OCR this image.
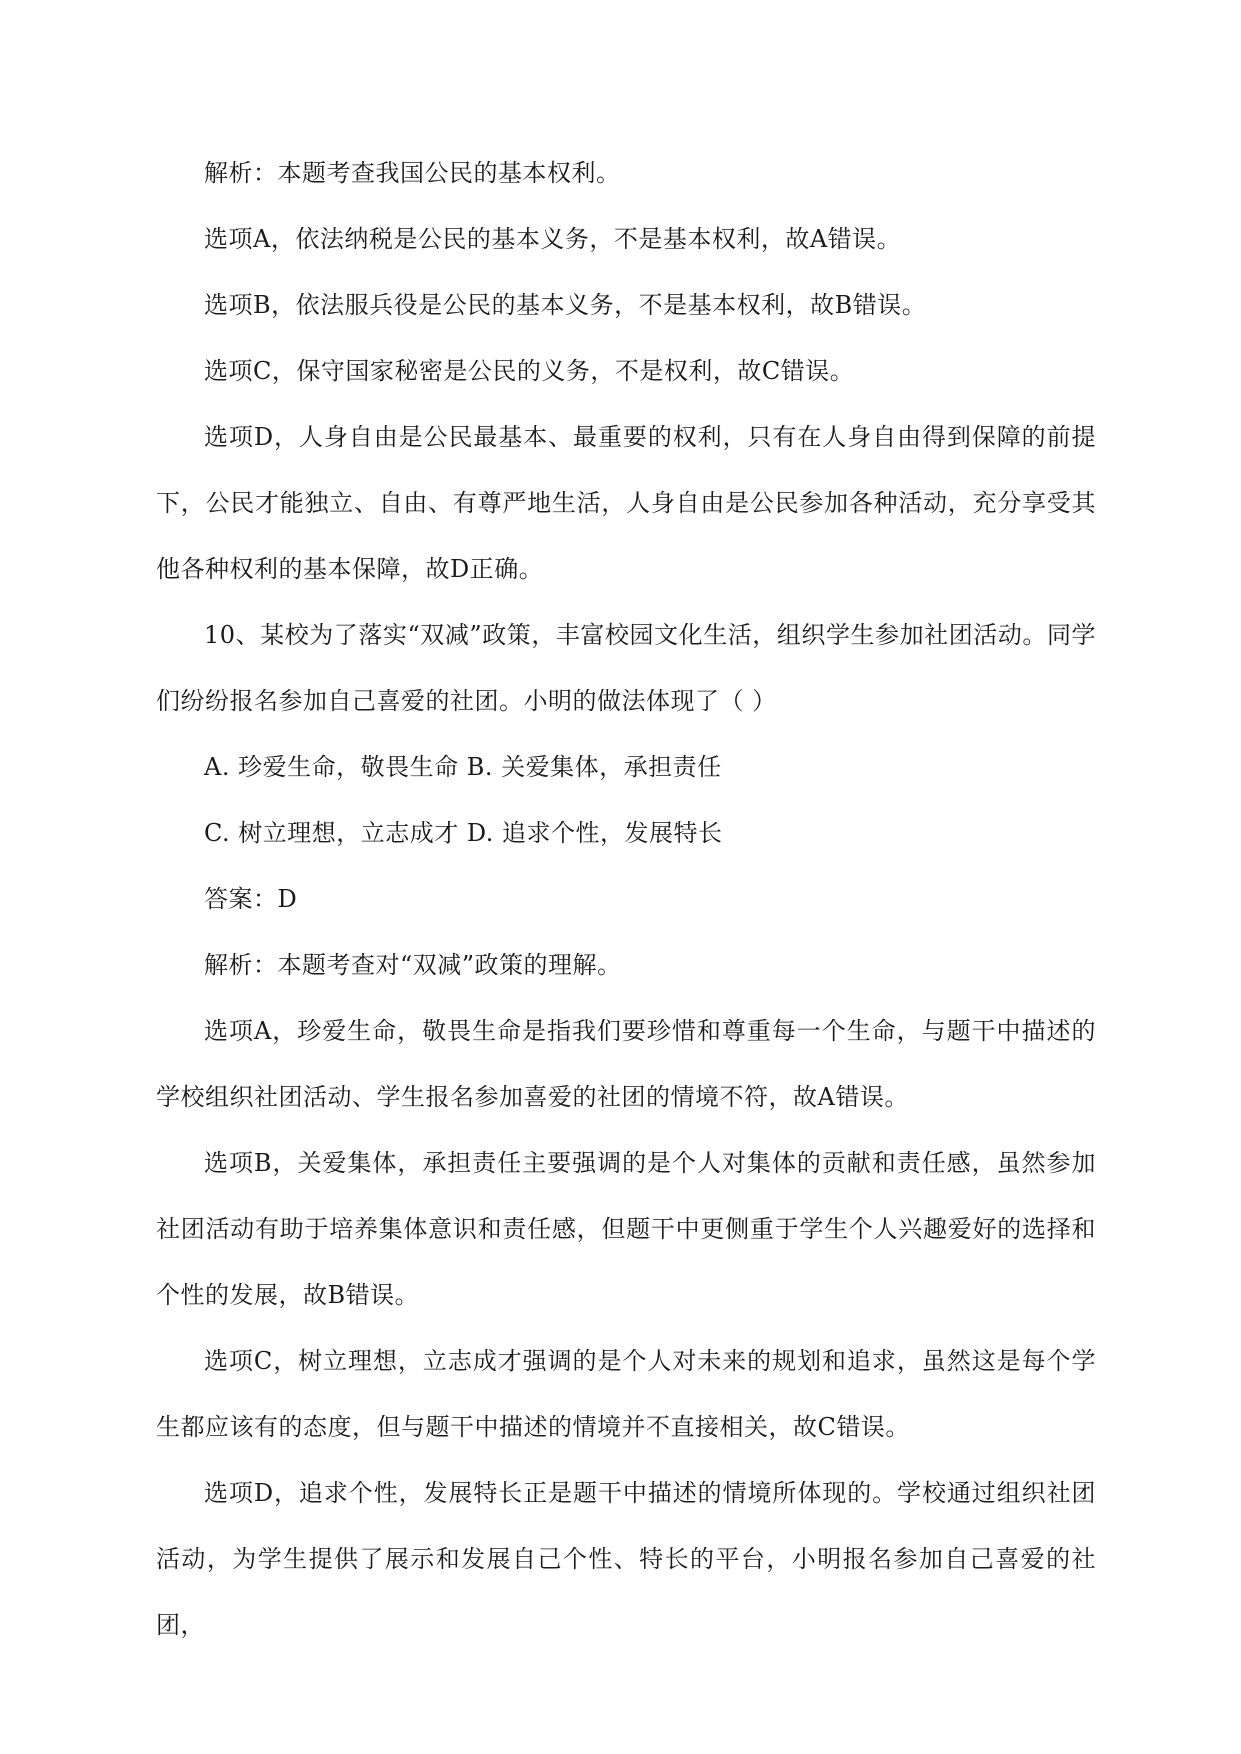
解析：本题考查我国公民的基本权利。

选项A，依法纳税是公民的基本义务，不是基本权利，故A错误。

选项B，依法服兵役是公民的基本义务，不是基本权利，故B错误。

选项C，保守国家秘密是公民的义务，不是权利，故C错误。

选项D，人身自由是公民最基本、最重要的权利，只有在人身自由得到保障的前提下，公民才能独立、自由、有尊严地生活，人身自由是公民参加各种活动，充分享受其他各种权利的基本保障，故D正确。

10、某校为了落实“双减”政策，丰富校园文化生活，组织学生参加社团活动。同学们纷纷报名参加自己喜爱的社团。小明的做法体现了（ ）

A. 珍爱生命，敬畏生命 B. 关爱集体，承担责任

C. 树立理想，立志成才 D. 追求个性，发展特长

答案：D

解析：本题考查对“双减”政策的理解。

选项A，珍爱生命，敬畏生命是指我们要珍惜和尊重每一个生命，与题干中描述的学校组织社团活动、学生报名参加喜爱的社团的情境不符，故A错误。

选项B，关爱集体，承担责任主要强调的是个人对集体的贡献和责任感，虽然参加社团活动有助于培养集体意识和责任感，但题干中更侧重于学生个人兴趣爱好的选择和个性的发展，故B错误。

选项C，树立理想，立志成才强调的是个人对未来的规划和追求，虽然这是每个学生都应该有的态度，但与题干中描述的情境并不直接相关，故C错误。

选项D，追求个性，发展特长正是题干中描述的情境所体现的。学校通过组织社团活动，为学生提供了展示和发展自己个性、特长的平台，小明报名参加自己喜爱的社团，
